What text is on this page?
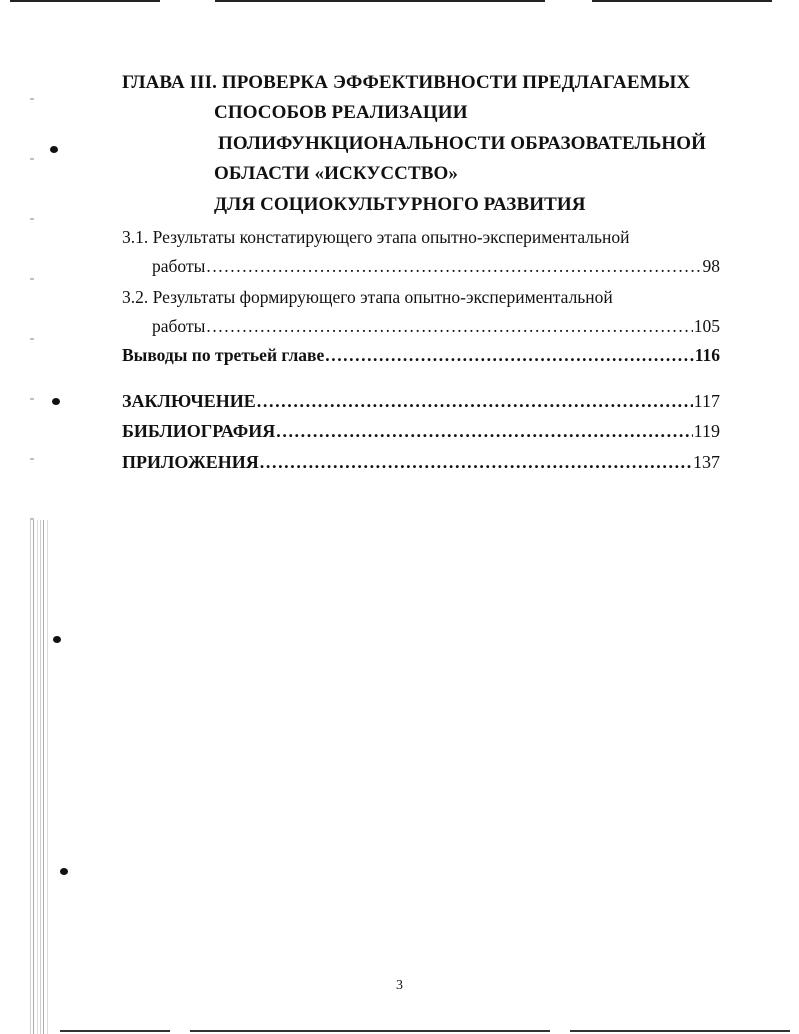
ГЛАВА III. ПРОВЕРКА ЭФФЕКТИВНОСТИ ПРЕДЛАГАЕМЫХ
СПОСОБОВ РЕАЛИЗАЦИИ
ПОЛИФУНКЦИОНАЛЬНОСТИ ОБРАЗОВАТЕЛЬНОЙ
ОБЛАСТИ «ИСКУССТВО»
ДЛЯ СОЦИОКУЛЬТУРНОГО РАЗВИТИЯ
3.1. Результаты констатирующего этапа опытно-экспериментальной
работы .....	98
3.2. Результаты формирующего этапа опытно-экспериментальной
работы .....	105
Выводы по третьей главе .....	116
ЗАКЛЮЧЕНИЕ .....	117
БИБЛИОГРАФИЯ .....	119
ПРИЛОЖЕНИЯ .....	137
3
